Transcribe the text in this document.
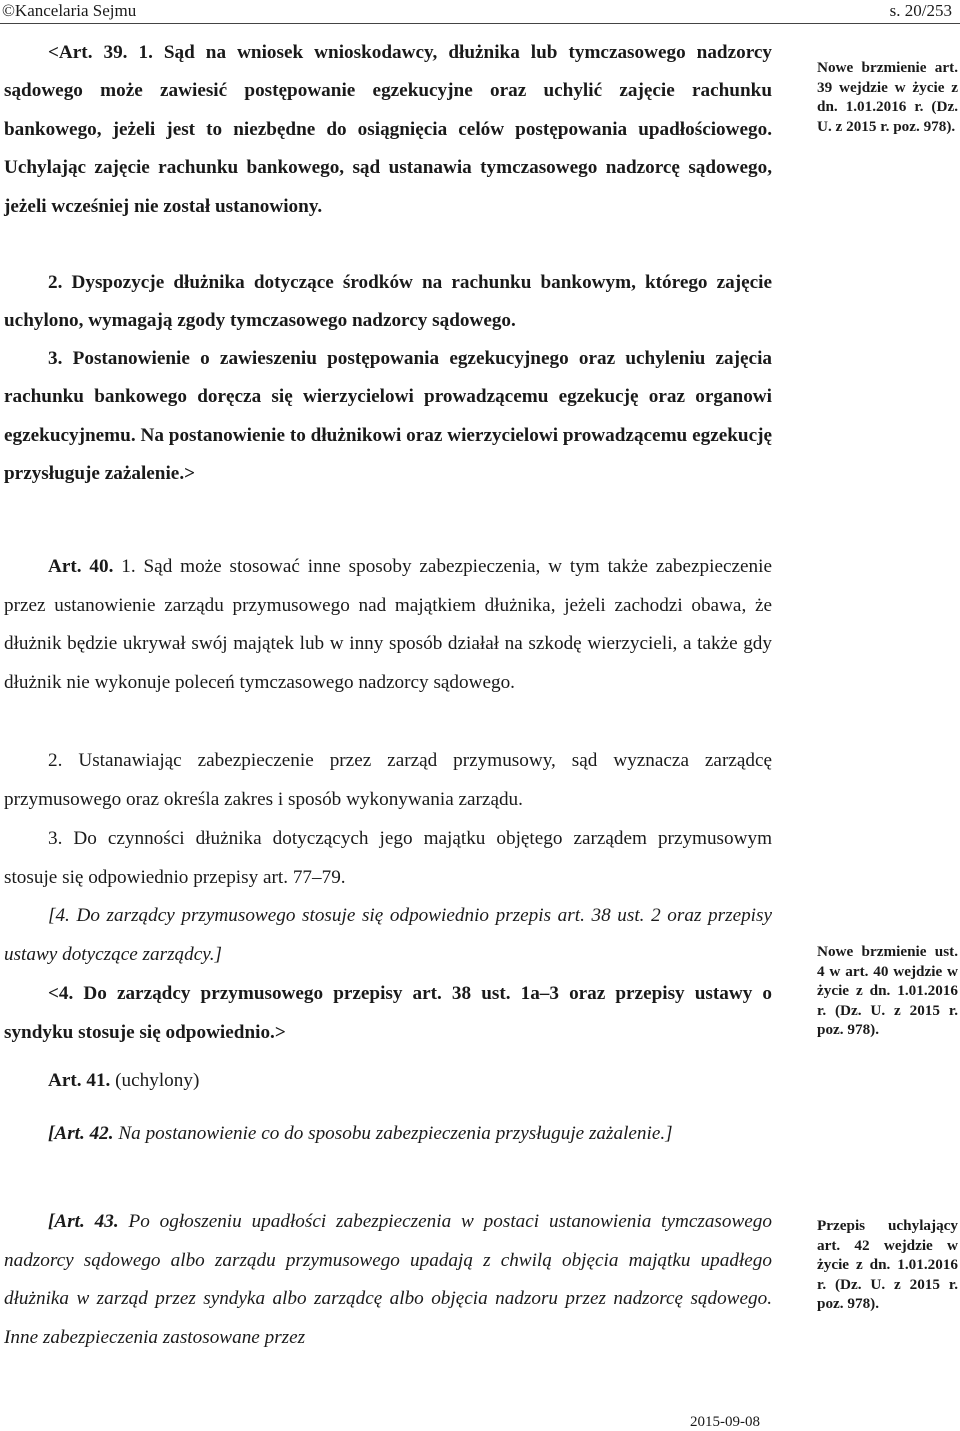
©Kancelaria Sejmu	s. 20/253

<Art. 39. 1. Sąd na wniosek wnioskodawcy, dłużnika lub tymczasowego nadzorcy sądowego może zawiesić postępowanie egzekucyjne oraz uchylić zajęcie rachunku bankowego, jeżeli jest to niezbędne do osiągnięcia celów postępowania upadłościowego. Uchylając zajęcie rachunku bankowego, sąd ustanawia tymczasowego nadzorcę sądowego, jeżeli wcześniej nie został ustanowiony.

2. Dyspozycje dłużnika dotyczące środków na rachunku bankowym, którego zajęcie uchylono, wymagają zgody tymczasowego nadzorcy sądowego.

3. Postanowienie o zawieszeniu postępowania egzekucyjnego oraz uchyleniu zajęcia rachunku bankowego doręcza się wierzycielowi prowadzącemu egzekucję oraz organowi egzekucyjnemu. Na postanowienie to dłużnikowi oraz wierzycielowi prowadzącemu egzekucję przysługuje zażalenie.>

Art. 40. 1. Sąd może stosować inne sposoby zabezpieczenia, w tym także zabezpieczenie przez ustanowienie zarządu przymusowego nad majątkiem dłużnika, jeżeli zachodzi obawa, że dłużnik będzie ukrywał swój majątek lub w inny sposób działał na szkodę wierzycieli, a także gdy dłużnik nie wykonuje poleceń tymczasowego nadzorcy sądowego.

2. Ustanawiając zabezpieczenie przez zarząd przymusowy, sąd wyznacza zarządcę przymusowego oraz określa zakres i sposób wykonywania zarządu.

3. Do czynności dłużnika dotyczących jego majątku objętego zarządem przymusowym stosuje się odpowiednio przepisy art. 77–79.

[4. Do zarządcy przymusowego stosuje się odpowiednio przepis art. 38 ust. 2 oraz przepisy ustawy dotyczące zarządcy.]

<4. Do zarządcy przymusowego przepisy art. 38 ust. 1a–3 oraz przepisy ustawy o syndyku stosuje się odpowiednio.>

Art. 41. (uchylony)

[Art. 42. Na postanowienie co do sposobu zabezpieczenia przysługuje zażalenie.]

[Art. 43. Po ogłoszeniu upadłości zabezpieczenia w postaci ustanowienia tymczasowego nadzorcy sądowego albo zarządu przymusowego upadają z chwilą objęcia majątku upadłego dłużnika w zarząd przez syndyka albo zarządcę albo objęcia nadzoru przez nadzorcę sądowego. Inne zabezpieczenia zastosowane przez

Nowe brzmienie art. 39 wejdzie w życie z dn. 1.01.2016 r. (Dz. U. z 2015 r. poz. 978).
Nowe brzmienie ust. 4 w art. 40 wejdzie w życie z dn. 1.01.2016 r. (Dz. U. z 2015 r. poz. 978).
Przepis uchylający art. 42 wejdzie w życie z dn. 1.01.2016 r. (Dz. U. z 2015 r. poz. 978).
2015-09-08
